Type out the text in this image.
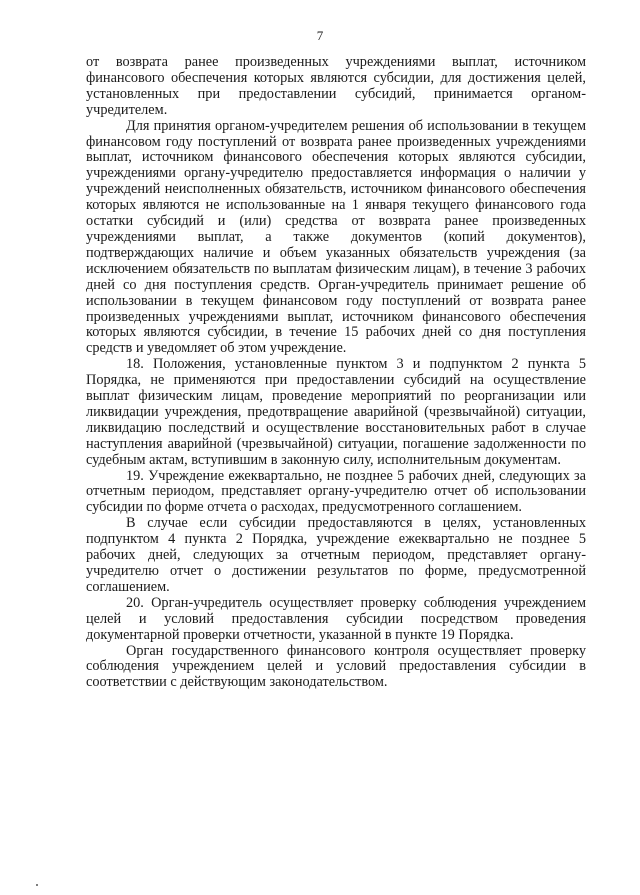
7

от возврата ранее произведенных учреждениями выплат, источником финансового обеспечения которых являются субсидии, для достижения целей, установленных при предоставлении субсидий, принимается органом-учредителем.

Для принятия органом-учредителем решения об использовании в текущем финансовом году поступлений от возврата ранее произведенных учреждениями выплат, источником финансового обеспечения которых являются субсидии, учреждениями органу-учредителю предоставляется информация о наличии у учреждений неисполненных обязательств, источником финансового обеспечения которых являются не использованные на 1 января текущего финансового года остатки субсидий и (или) средства от возврата ранее произведенных учреждениями выплат, а также документов (копий документов), подтверждающих наличие и объем указанных обязательств учреждения (за исключением обязательств по выплатам физическим лицам), в течение 3 рабочих дней со дня поступления средств. Орган-учредитель принимает решение об использовании в текущем финансовом году поступлений от возврата ранее произведенных учреждениями выплат, источником финансового обеспечения которых являются субсидии, в течение 15 рабочих дней со дня поступления средств и уведомляет об этом учреждение.

18. Положения, установленные пунктом 3 и подпунктом 2 пункта 5 Порядка, не применяются при предоставлении субсидий на осуществление выплат физическим лицам, проведение мероприятий по реорганизации или ликвидации учреждения, предотвращение аварийной (чрезвычайной) ситуации, ликвидацию последствий и осуществление восстановительных работ в случае наступления аварийной (чрезвычайной) ситуации, погашение задолженности по судебным актам, вступившим в законную силу, исполнительным документам.

19. Учреждение ежеквартально, не позднее 5 рабочих дней, следующих за отчетным периодом, представляет органу-учредителю отчет об использовании субсидии по форме отчета о расходах, предусмотренного соглашением.

В случае если субсидии предоставляются в целях, установленных подпунктом 4 пункта 2 Порядка, учреждение ежеквартально не позднее 5 рабочих дней, следующих за отчетным периодом, представляет органу-учредителю отчет о достижении результатов по форме, предусмотренной соглашением.

20. Орган-учредитель осуществляет проверку соблюдения учреждением целей и условий предоставления субсидии посредством проведения документарной проверки отчетности, указанной в пункте 19 Порядка.

Орган государственного финансового контроля осуществляет проверку соблюдения учреждением целей и условий предоставления субсидии в соответствии с действующим законодательством.
